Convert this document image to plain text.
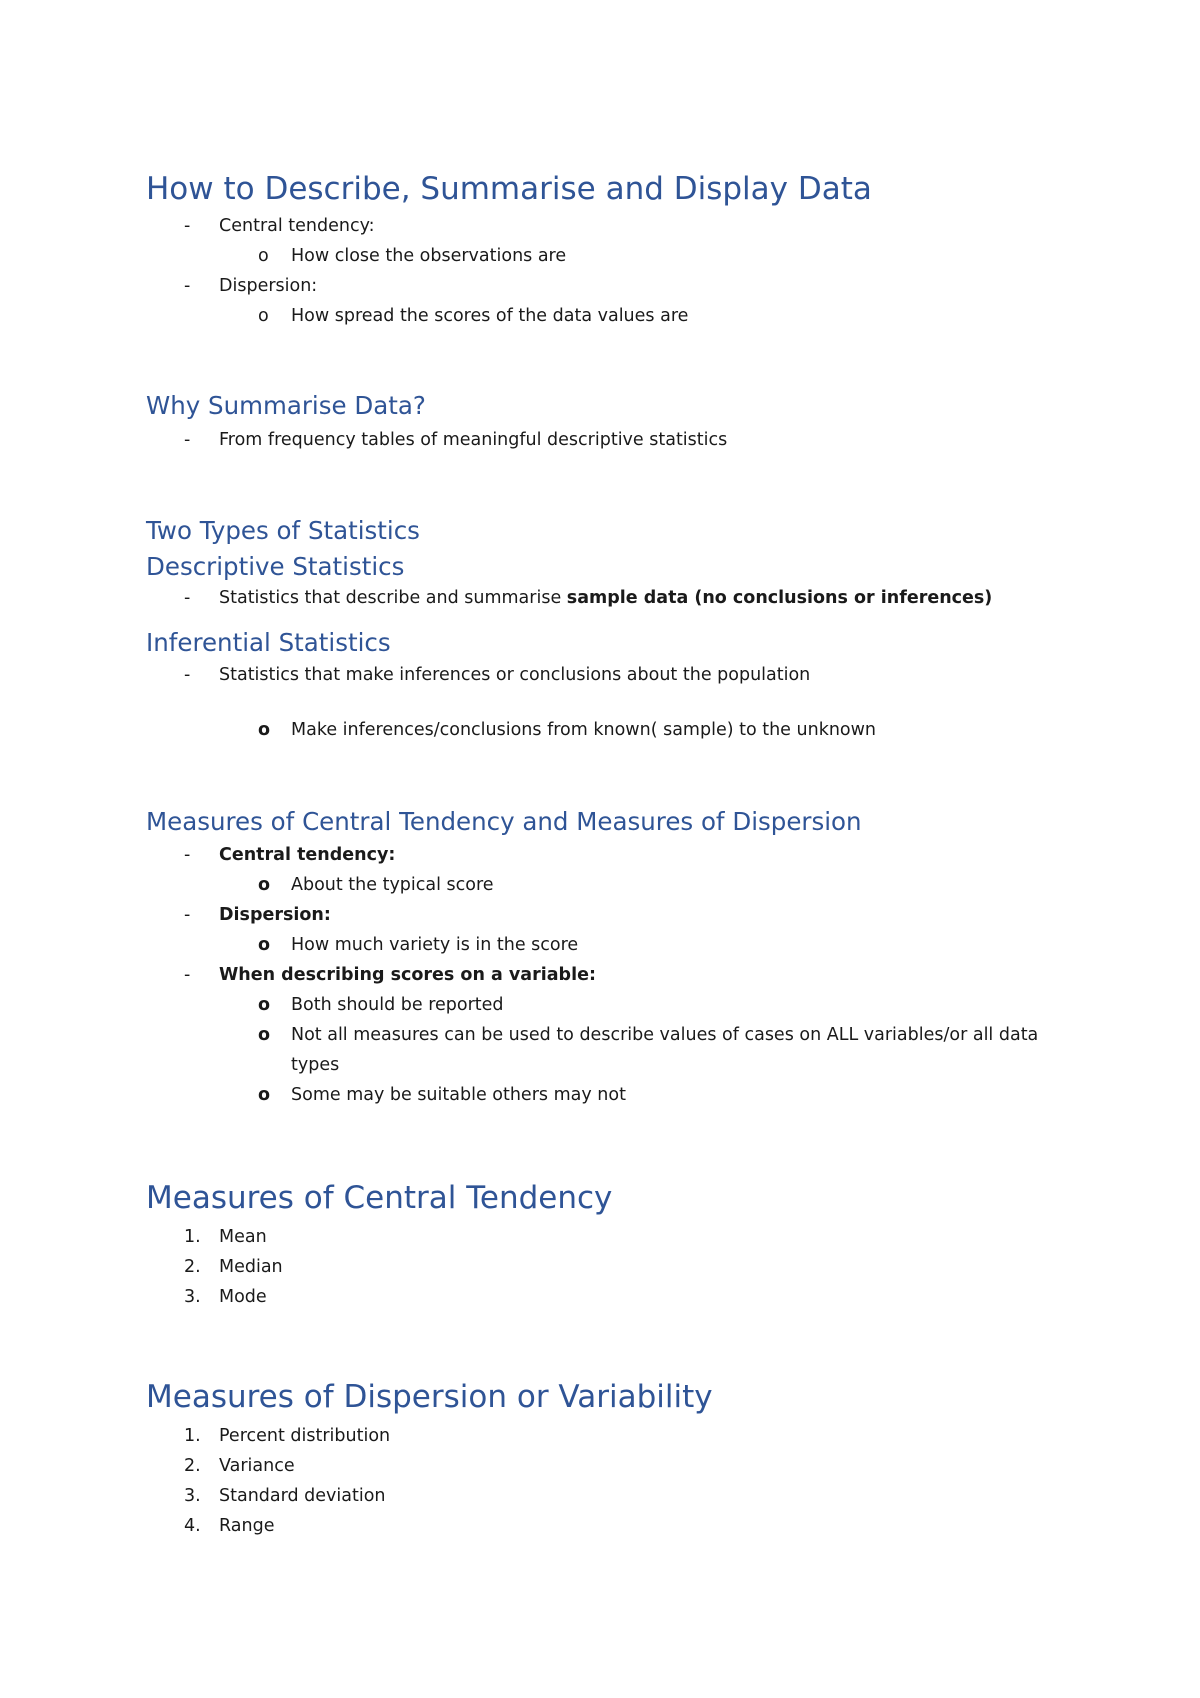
How to Describe, Summarise and Display Data
- Central tendency:
o How close the observations are
- Dispersion:
o How spread the scores of the data values are
Why Summarise Data?
- From frequency tables of meaningful descriptive statistics
Two Types of Statistics
Descriptive Statistics
- Statistics that describe and summarise sample data (no conclusions or inferences)
Inferential Statistics
- Statistics that make inferences or conclusions about the population
o Make inferences/conclusions from known( sample) to the unknown
Measures of Central Tendency and Measures of Dispersion
- Central tendency:
o About the typical score
- Dispersion:
o How much variety is in the score
- When describing scores on a variable:
o Both should be reported
o Not all measures can be used to describe values of cases on ALL variables/or all data
types
o Some may be suitable others may not
Measures of Central Tendency
1. Mean
2. Median
3. Mode
Measures of Dispersion or Variability
1. Percent distribution
2. Variance
3. Standard deviation
4. Range
